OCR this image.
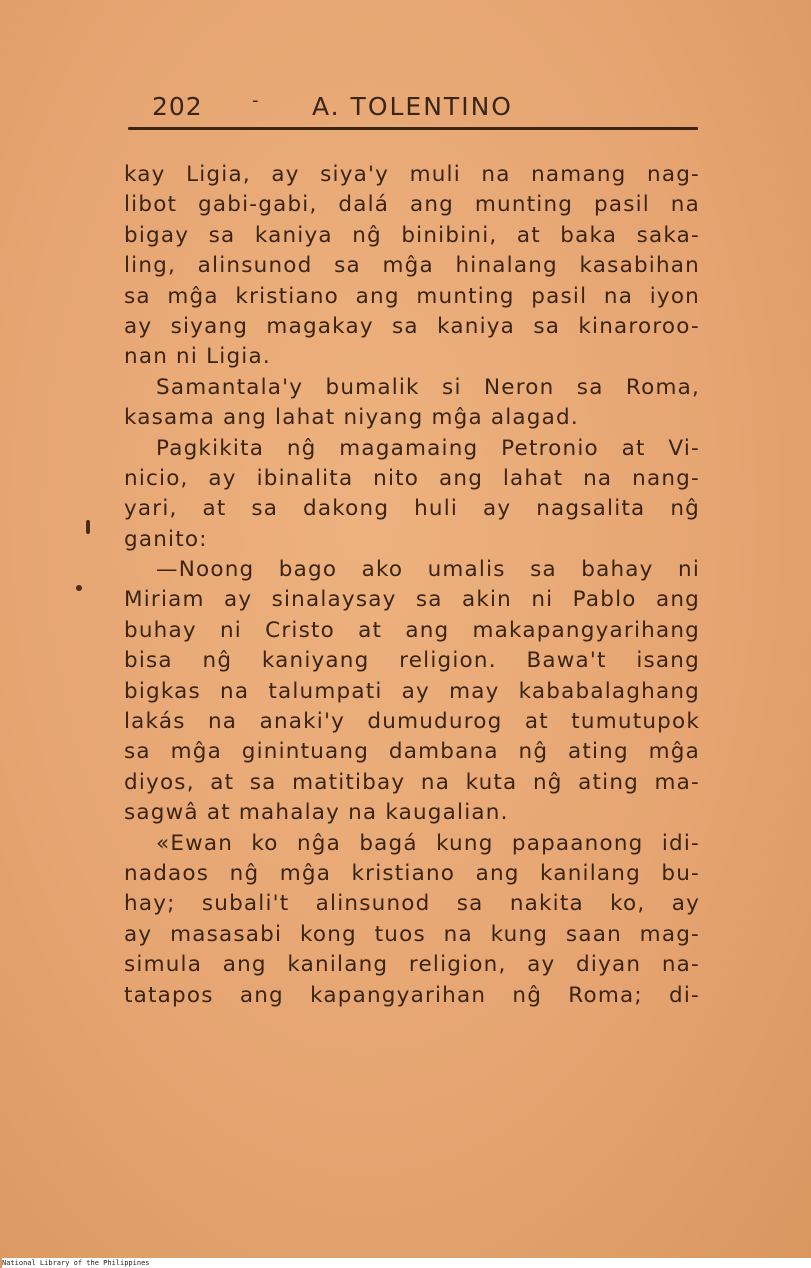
202	- A. TOLENTINO
kay Ligia, ay siya'y muli na namang nag-
libot gabi-gabi, dalá ang munting pasil na
bigay sa kaniya nĝ binibini, at baka saka-
ling, alinsunod sa mĝa hinalang kasabihan
sa mĝa kristiano ang munting pasil na iyon
ay siyang magakay sa kaniya sa kinaroroo-
nan ni Ligia.
Samantala'y bumalik si Neron sa Roma,
kasama ang lahat niyang mĝa alagad.
Pagkikita nĝ magamaing Petronio at Vi-
nicio, ay ibinalita nito ang lahat na nang-
yari, at sa dakong huli ay nagsalita nĝ
ganito:
—Noong bago ako umalis sa bahay ni
Miriam ay sinalaysay sa akin ni Pablo ang
buhay ni Cristo at ang makapangyarihang
bisa nĝ kaniyang religion. Bawa't isang
bigkas na talumpati ay may kababalaghang
lakás na anaki'y dumudurog at tumutupok
sa mĝa ginintuang dambana nĝ ating mĝa
diyos, at sa matitibay na kuta nĝ ating ma-
sagwâ at mahalay na kaugalian.
«Ewan ko nĝa bagá kung papaanong idi-
nadaos nĝ mĝa kristiano ang kanilang bu-
hay; subali't alinsunod sa nakita ko, ay
ay masasabi kong tuos na kung saan mag-
simula ang kanilang religion, ay diyan na-
tatapos ang kapangyarihan nĝ Roma; di-
National Library of the Philippines
